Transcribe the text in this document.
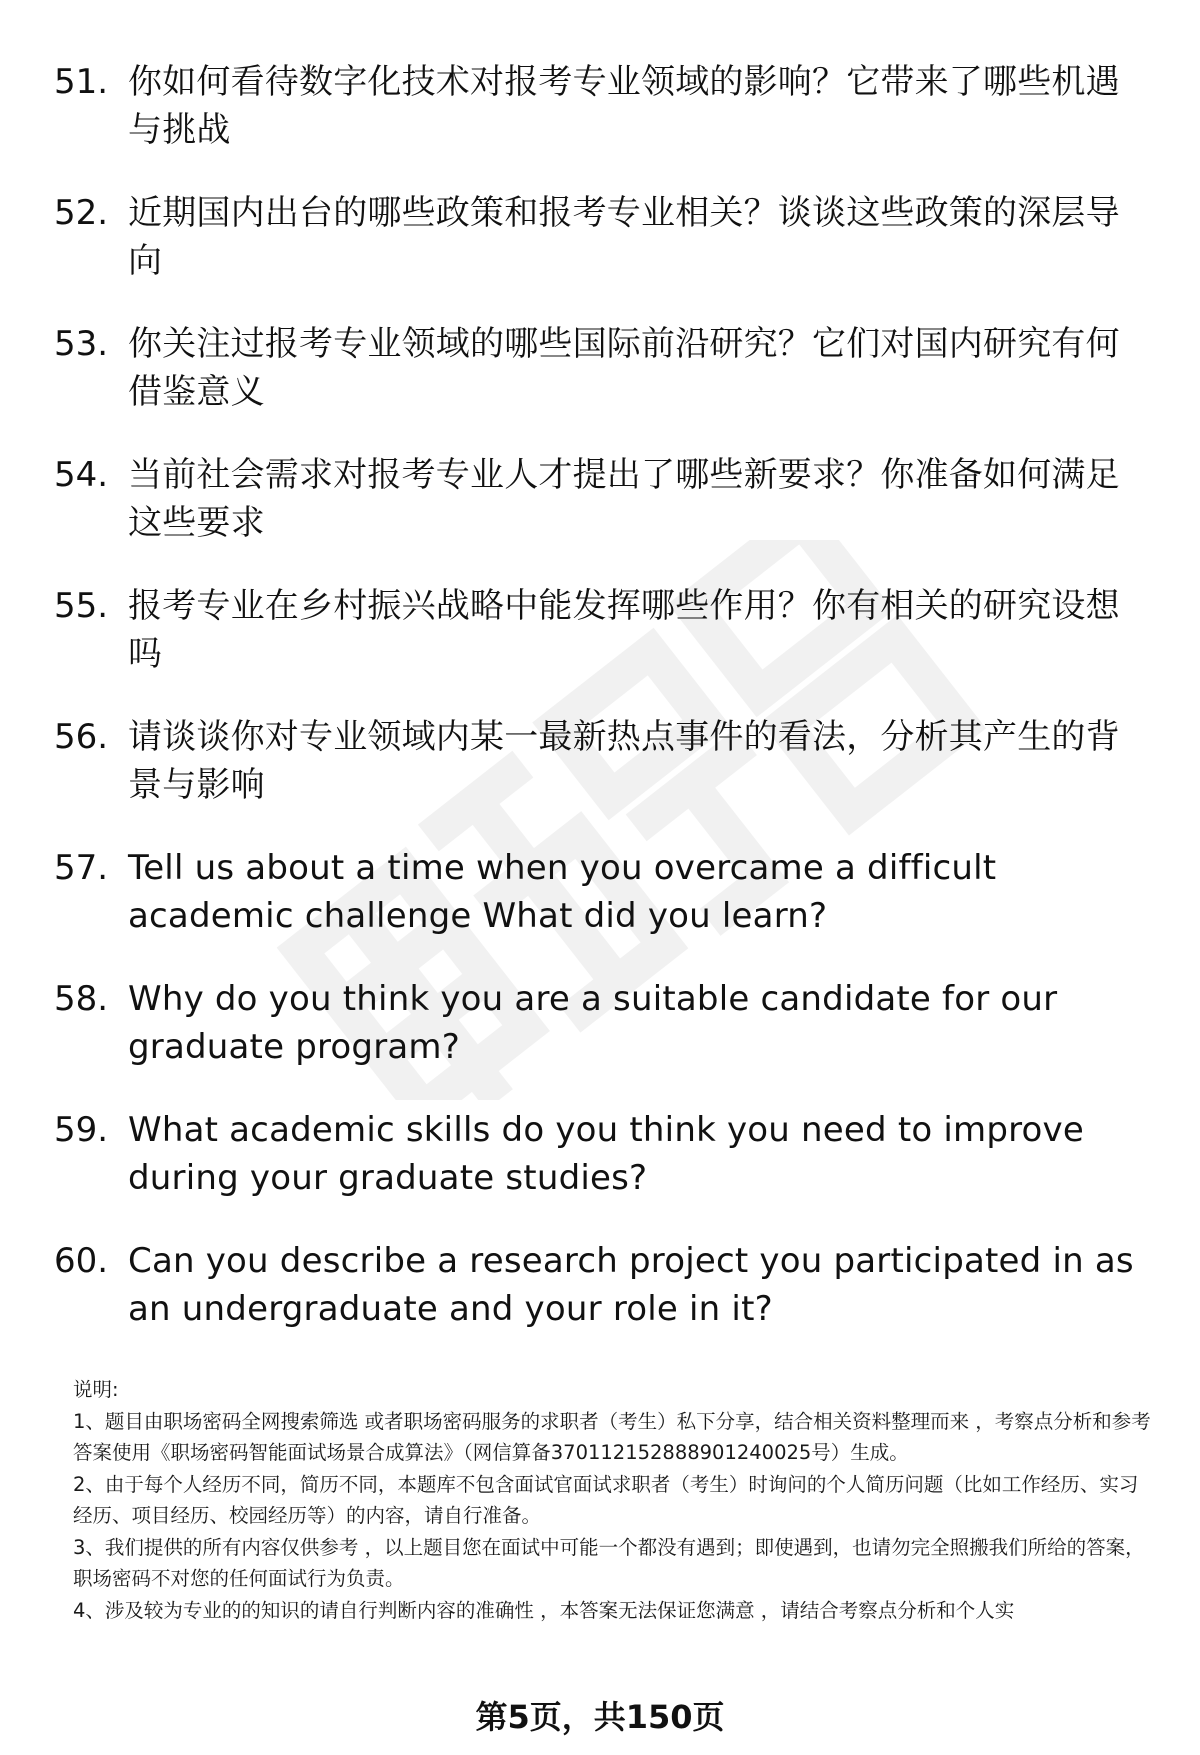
51. 你如何看待数字化技术对报考专业领域的影响？它带来了哪些机遇与挑战
52. 近期国内出台的哪些政策和报考专业相关？谈谈这些政策的深层导向
53. 你关注过报考专业领域的哪些国际前沿研究？它们对国内研究有何借鉴意义
54. 当前社会需求对报考专业人才提出了哪些新要求？你准备如何满足这些要求
55. 报考专业在乡村振兴战略中能发挥哪些作用？你有相关的研究设想吗
56. 请谈谈你对专业领域内某一最新热点事件的看法，分析其产生的背景与影响
57. Tell us about a time when you overcame a difficult academic challenge What did you learn?
58. Why do you think you are a suitable candidate for our graduate program?
59. What academic skills do you think you need to improve during your graduate studies?
60. Can you describe a research project you participated in as an undergraduate and your role in it?

说明:

1、题目由职场密码全网搜索筛选 或者职场密码服务的求职者（考生）私下分享，结合相关资料整理而来 ，考察点分析和参考答案使用《职场密码智能面试场景合成算法》（网信算备370112152888901240025号）生成。

2、由于每个人经历不同，简历不同，本题库不包含面试官面试求职者（考生）时询问的个人简历问题（比如工作经历、实习经历、项目经历、校园经历等）的内容，请自行准备。

3、我们提供的所有内容仅供参考 ，以上题目您在面试中可能一个都没有遇到；即使遇到，也请勿完全照搬我们所给的答案，职场密码不对您的任何面试行为负责。

4、涉及较为专业的的知识的请自行判断内容的准确性 ，本答案无法保证您满意 ，请结合考察点分析和个人实

第5页，共150页
